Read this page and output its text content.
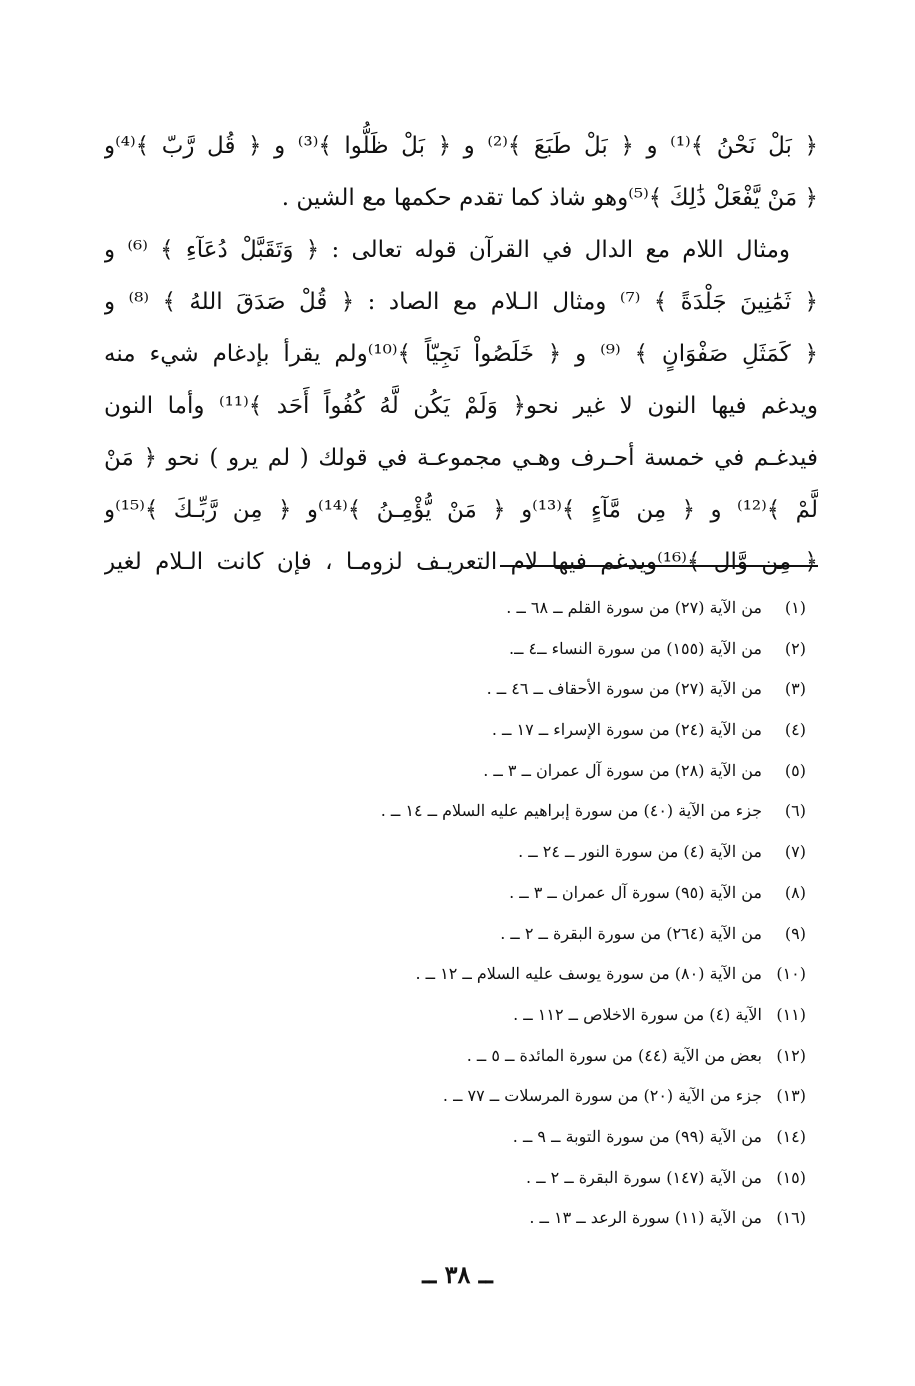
﴿ بَلْ نَحْنُ ﴾⁽¹⁾ و ﴿ بَلْ طَبَعَ ﴾⁽²⁾ و ﴿ بَلْ ظَلُّوا ﴾⁽³⁾ و ﴿ قُل رَّبّ ﴾⁽⁴⁾و
﴿ مَنْ يَّفْعَلْ ذَٰلِكَ ﴾⁽⁵⁾وهو شاذ كما تقدم حكمها مع الشين .
ومثال اللام مع الدال في القرآن قوله تعالى : ﴿ وَتَقَبَّلْ دُعَآءِ ﴾ ⁽⁶⁾ و
﴿ ثَمَٰنِينَ جَلْدَةً ﴾ ⁽⁷⁾ ومثال الـلام مع الصاد : ﴿ قُلْ صَدَقَ اللهُ ﴾ ⁽⁸⁾ و
﴿ كَمَثَلِ صَفْوَانٍ ﴾ ⁽⁹⁾ و ﴿ خَلَصُواْ نَجِيّاً ﴾⁽¹⁰⁾ولم يقرأ بإدغام شيء منه
ويدغم فيها النون لا غير نحو﴿ وَلَمْ يَكُن لَّهُ كُفُواً أَحَد ﴾⁽¹¹⁾ وأما النون
فيدغـم في خمسة أحـرف وهـي مجموعـة في قولك ( لم يرو ) نحو ﴿ مَنْ
لَّمْ ﴾⁽¹²⁾ و ﴿ مِن مَّآءٍ ﴾⁽¹³⁾و ﴿ مَنْ يُّؤْمِـنُ ﴾⁽¹⁴⁾و ﴿ مِن رَّبِّـكَ ﴾⁽¹⁵⁾و
﴿ مِن وَّال ﴾⁽¹⁶⁾ويدغم فيها لام التعريـف لزومـا ، فإن كانت الـلام لغير
(١)
من الآية (٢٧) من سورة القلم ــ ٦٨ ــ .
(٢)
من الآية (١٥٥) من سورة النساء ــ٤ ــ.
(٣)
من الآية (٢٧) من سورة الأحقاف ــ ٤٦ ــ .
(٤)
من الآية (٢٤) من سورة الإسراء ــ ١٧ ــ .
(٥)
من الآية (٢٨) من سورة آل عمران ــ ٣ ــ .
(٦)
جزء من الآية (٤٠) من سورة إبراهيم عليه السلام ــ ١٤ ــ .
(٧)
من الآية (٤) من سورة النور ــ ٢٤ ــ .
(٨)
من الآية (٩٥) سورة آل عمران ــ ٣ ــ .
(٩)
من الآية (٢٦٤) من سورة البقرة ــ ٢ ــ .
(١٠)
من الآية (٨٠) من سورة يوسف عليه السلام ــ ١٢ ــ .
(١١)
الآية (٤) من سورة الاخلاص ــ ١١٢ ــ .
(١٢)
بعض من الآية (٤٤) من سورة المائدة ــ ٥ ــ .
(١٣)
جزء من الآية (٢٠) من سورة المرسلات ــ ٧٧ ــ .
(١٤)
من الآية (٩٩) من سورة التوبة ــ ٩ ــ .
(١٥)
من الآية (١٤٧) سورة البقرة ــ ٢ ــ .
(١٦)
من الآية (١١) سورة الرعد ــ ١٣ ــ .
ــ ٣٨ ــ
